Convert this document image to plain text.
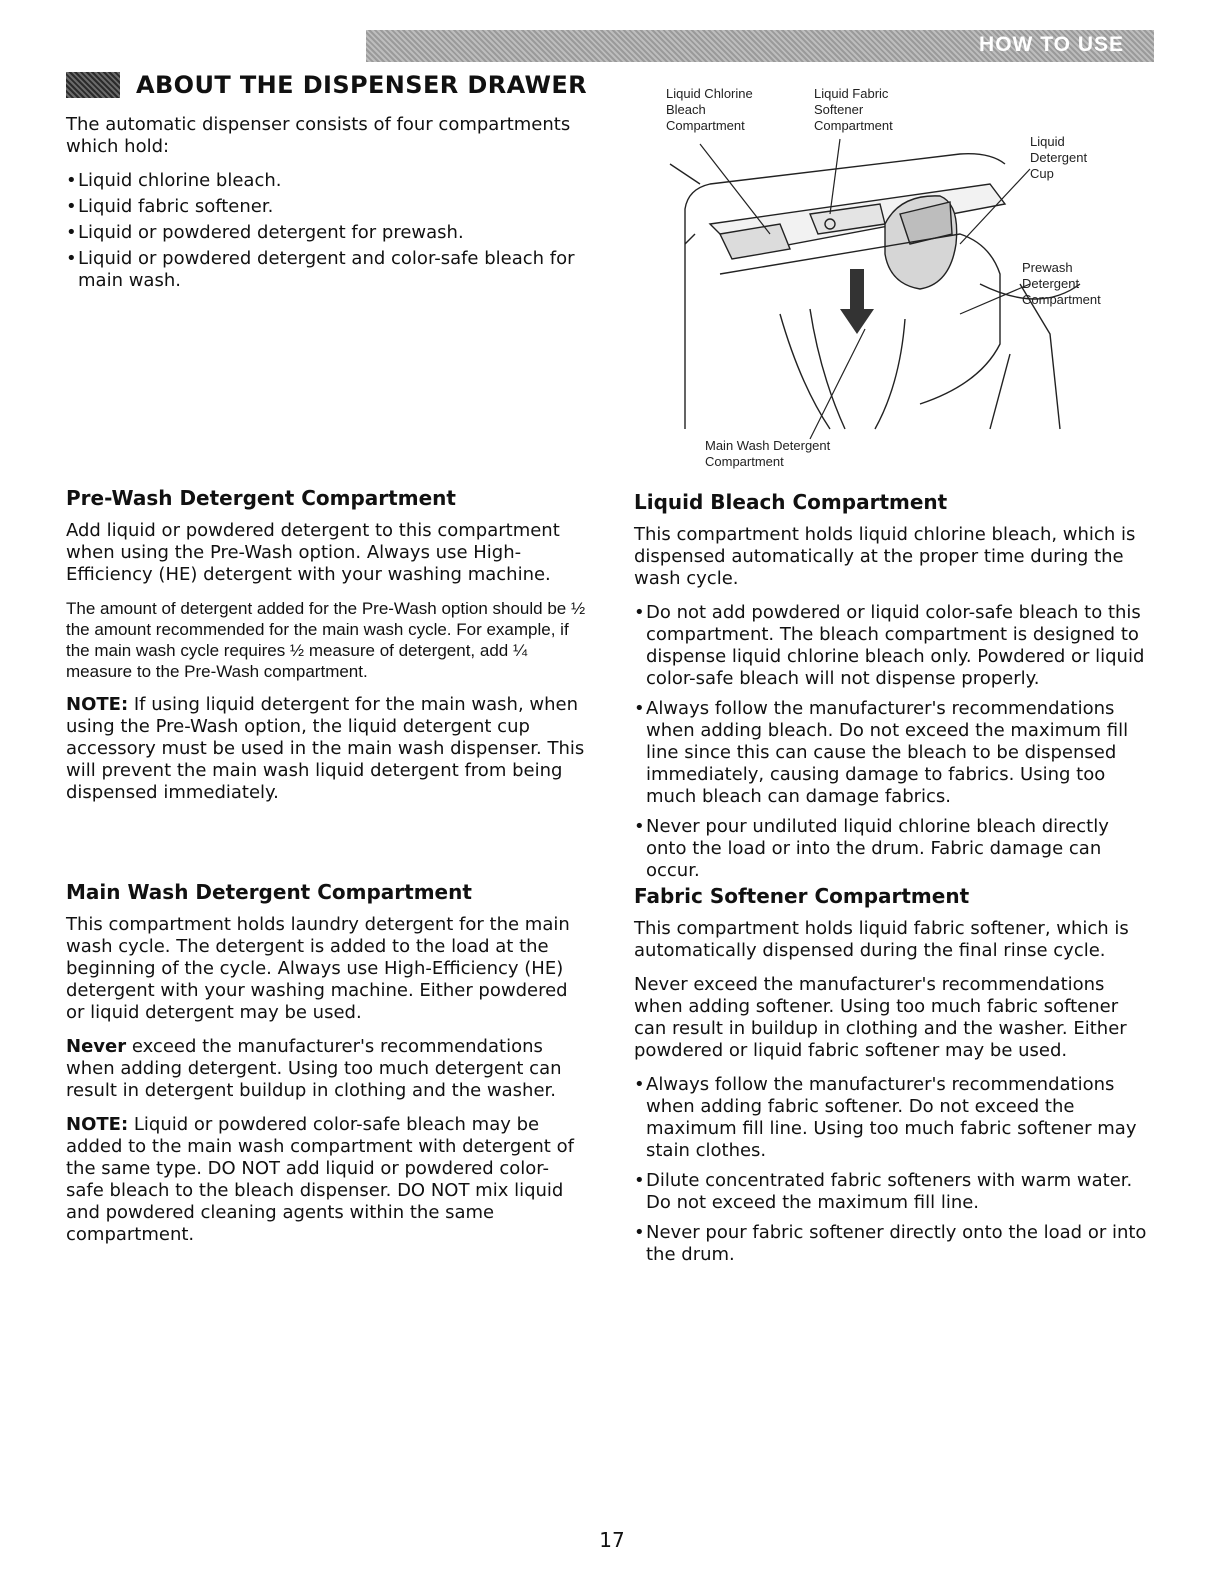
HOW TO USE
ABOUT THE DISPENSER DRAWER

The automatic dispenser consists of four compartments which hold:

• Liquid chlorine bleach.
• Liquid fabric softener.
• Liquid or powdered detergent for prewash.
• Liquid or powdered detergent and color-safe bleach for main wash.
Liquid Chlorine
Bleach
Compartment
Liquid Fabric
Softener
Compartment
Liquid
Detergent
Cup
Prewash
Detergent
Compartment
Main Wash Detergent
Compartment
Pre-Wash Detergent Compartment

Add liquid or powdered detergent to this compartment when using the Pre-Wash option. Always use High-Efficiency (HE) detergent with your washing machine.

The amount of detergent added for the Pre-Wash option should be ½ the amount recommended for the main wash cycle. For example, if the main wash cycle requires ½ measure of detergent, add ¼ measure to the Pre-Wash compartment.

NOTE: If using liquid detergent for the main wash, when using the Pre-Wash option, the liquid detergent cup accessory must be used in the main wash dispenser. This will prevent the main wash liquid detergent from being dispensed immediately.

Main Wash Detergent Compartment

This compartment holds laundry detergent for the main wash cycle. The detergent is added to the load at the beginning of the cycle. Always use High-Efficiency (HE) detergent with your washing machine. Either powdered or liquid detergent may be used.

Never exceed the manufacturer's recommendations when adding detergent. Using too much detergent can result in detergent buildup in clothing and the washer.

NOTE: Liquid or powdered color-safe bleach may be added to the main wash compartment with detergent of the same type. DO NOT add liquid or powdered color-safe bleach to the bleach dispenser. DO NOT mix liquid and powdered cleaning agents within the same compartment.

Liquid Bleach Compartment

This compartment holds liquid chlorine bleach, which is dispensed automatically at the proper time during the wash cycle.

• Do not add powdered or liquid color-safe bleach to this compartment. The bleach compartment is designed to dispense liquid chlorine bleach only. Powdered or liquid color-safe bleach will not dispense properly.
• Always follow the manufacturer's recommendations when adding bleach. Do not exceed the maximum fill line since this can cause the bleach to be dispensed immediately, causing damage to fabrics. Using too much bleach can damage fabrics.
• Never pour undiluted liquid chlorine bleach directly onto the load or into the drum. Fabric damage can occur.
Fabric Softener Compartment

This compartment holds liquid fabric softener, which is automatically dispensed during the final rinse cycle.

Never exceed the manufacturer's recommendations when adding softener. Using too much fabric softener can result in buildup in clothing and the washer. Either powdered or liquid fabric softener may be used.

• Always follow the manufacturer's recommendations when adding fabric softener. Do not exceed the maximum fill line. Using too much fabric softener may stain clothes.
• Dilute concentrated fabric softeners with warm water. Do not exceed the maximum fill line.
• Never pour fabric softener directly onto the load or into the drum.
17
